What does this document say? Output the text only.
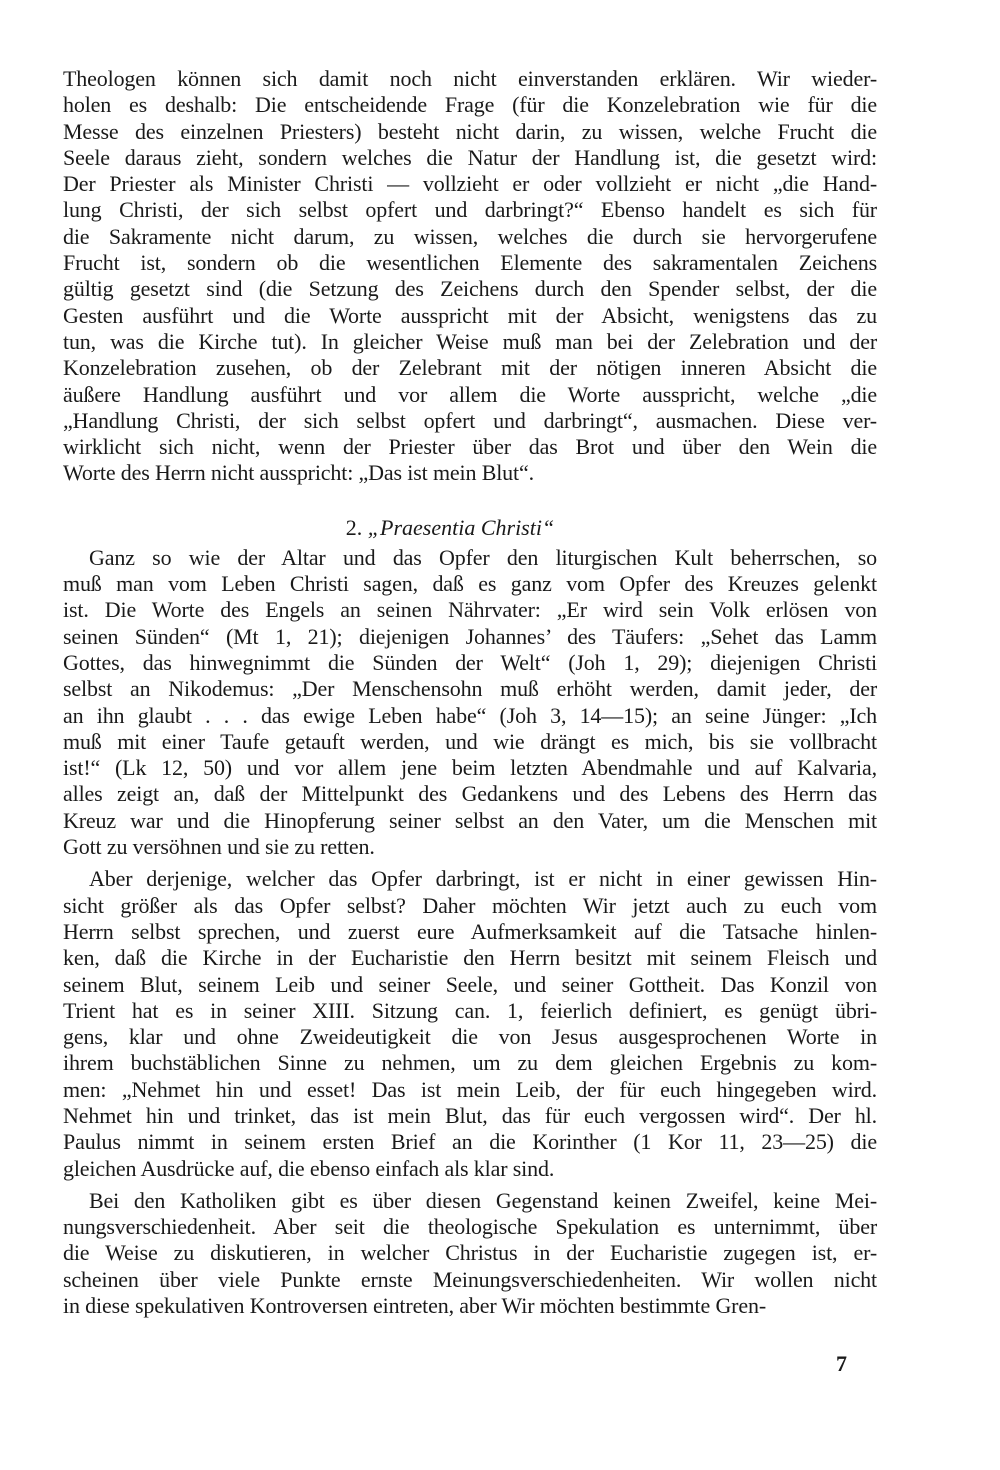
Theologen können sich damit noch nicht einverstanden erklären. Wir wieder-
holen es deshalb: Die entscheidende Frage (für die Konzelebration wie für die
Messe des einzelnen Priesters) besteht nicht darin, zu wissen, welche Frucht die
Seele daraus zieht, sondern welches die Natur der Handlung ist, die gesetzt wird:
Der Priester als Minister Christi — vollzieht er oder vollzieht er nicht „die Hand-
lung Christi, der sich selbst opfert und darbringt?“ Ebenso handelt es sich für
die Sakramente nicht darum, zu wissen, welches die durch sie hervorgerufene
Frucht ist, sondern ob die wesentlichen Elemente des sakramentalen Zeichens
gültig gesetzt sind (die Setzung des Zeichens durch den Spender selbst, der die
Gesten ausführt und die Worte ausspricht mit der Absicht, wenigstens das zu
tun, was die Kirche tut). In gleicher Weise muß man bei der Zelebration und der
Konzelebration zusehen, ob der Zelebrant mit der nötigen inneren Absicht die
äußere Handlung ausführt und vor allem die Worte ausspricht, welche „die
„Handlung Christi, der sich selbst opfert und darbringt“, ausmachen. Diese ver-
wirklicht sich nicht, wenn der Priester über das Brot und über den Wein die
Worte des Herrn nicht ausspricht: „Das ist mein Blut“.

2. „Praesentia Christi“

Ganz so wie der Altar und das Opfer den liturgischen Kult beherrschen, so
muß man vom Leben Christi sagen, daß es ganz vom Opfer des Kreuzes gelenkt
ist. Die Worte des Engels an seinen Nährvater: „Er wird sein Volk erlösen von
seinen Sünden“ (Mt 1, 21); diejenigen Johannes’ des Täufers: „Sehet das Lamm
Gottes, das hinwegnimmt die Sünden der Welt“ (Joh 1, 29); diejenigen Christi
selbst an Nikodemus: „Der Menschensohn muß erhöht werden, damit jeder, der
an ihn glaubt . . . das ewige Leben habe“ (Joh 3, 14—15); an seine Jünger: „Ich
muß mit einer Taufe getauft werden, und wie drängt es mich, bis sie vollbracht
ist!“ (Lk 12, 50) und vor allem jene beim letzten Abendmahle und auf Kalvaria,
alles zeigt an, daß der Mittelpunkt des Gedankens und des Lebens des Herrn das
Kreuz war und die Hinopferung seiner selbst an den Vater, um die Menschen mit
Gott zu versöhnen und sie zu retten.

Aber derjenige, welcher das Opfer darbringt, ist er nicht in einer gewissen Hin-
sicht größer als das Opfer selbst? Daher möchten Wir jetzt auch zu euch vom
Herrn selbst sprechen, und zuerst eure Aufmerksamkeit auf die Tatsache hinlen-
ken, daß die Kirche in der Eucharistie den Herrn besitzt mit seinem Fleisch und
seinem Blut, seinem Leib und seiner Seele, und seiner Gottheit. Das Konzil von
Trient hat es in seiner XIII. Sitzung can. 1, feierlich definiert, es genügt übri-
gens, klar und ohne Zweideutigkeit die von Jesus ausgesprochenen Worte in
ihrem buchstäblichen Sinne zu nehmen, um zu dem gleichen Ergebnis zu kom-
men: „Nehmet hin und esset! Das ist mein Leib, der für euch hingegeben wird.
Nehmet hin und trinket, das ist mein Blut, das für euch vergossen wird“. Der hl.
Paulus nimmt in seinem ersten Brief an die Korinther (1 Kor 11, 23—25) die
gleichen Ausdrücke auf, die ebenso einfach als klar sind.

Bei den Katholiken gibt es über diesen Gegenstand keinen Zweifel, keine Mei-
nungsverschiedenheit. Aber seit die theologische Spekulation es unternimmt, über
die Weise zu diskutieren, in welcher Christus in der Eucharistie zugegen ist, er-
scheinen über viele Punkte ernste Meinungsverschiedenheiten. Wir wollen nicht
in diese spekulativen Kontroversen eintreten, aber Wir möchten bestimmte Gren-

7
